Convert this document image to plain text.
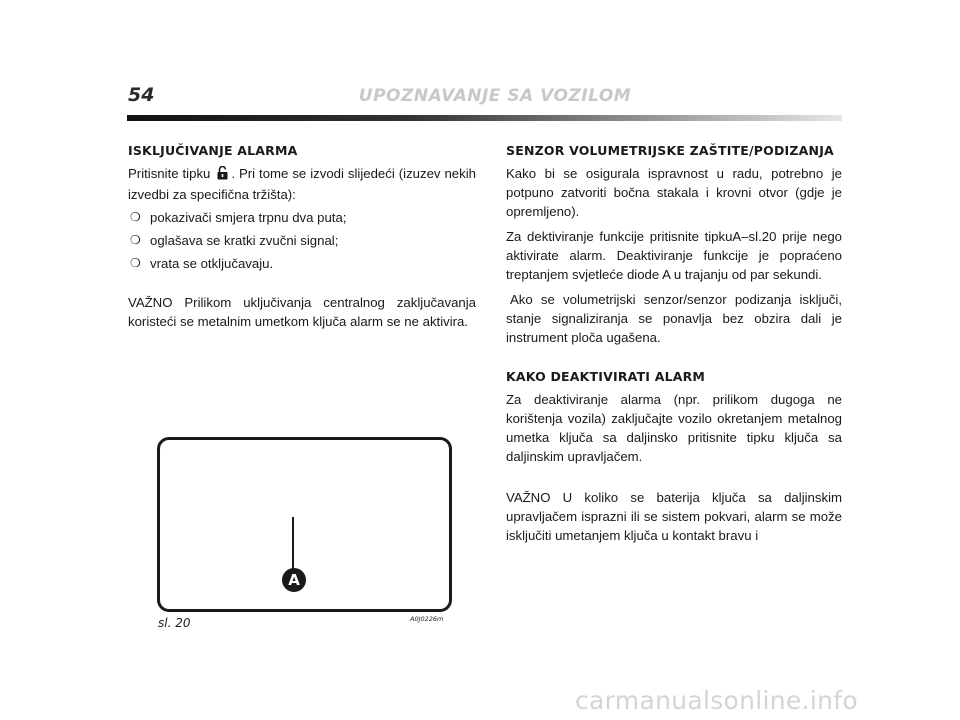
54	UPOZNAVANJE SA VOZILOM
ISKLJUČIVANJE ALARMA

Pritisnite tipku . Pri tome se izvodi slijedeći (izuzev nekih izvedbi za specifična tržišta):

❍ pokazivači smjera trpnu dva puta;
❍ oglašava se kratki zvučni signal;
❍ vrata se otključavaju.

VAŽNO Prilikom uključivanja centralnog zaključavanja koristeći se metalnim umetkom ključa alarm se ne aktivira.

SENZOR VOLUMETRIJSKE ZAŠTITE/PODIZANJA

Kako bi se osigurala ispravnost u radu, potrebno je potpuno zatvoriti bočna stakala i krovni otvor (gdje je opremljeno).

Za dektiviranje funkcije pritisnite tipkuA–sl.20 prije nego aktivirate alarm. Deaktiviranje funkcije je popraćeno treptanjem svjetleće diode A u trajanju od par sekundi.

Ako se volumetrijski senzor/senzor podizanja isključi, stanje signaliziranja se ponavlja bez obzira dali je instrument ploča ugašena.

KAKO DEAKTIVIRATI ALARM

Za deaktiviranje alarma (npr. prilikom dugoga ne korištenja vozila) zaključajte vozilo okretanjem metalnog umetka ključa sa daljinsko pritisnite tipku ključa sa daljinskim upravljačem.

VAŽNO U koliko se baterija ključa sa daljinskim upravljačem isprazni ili se sistem pokvari, alarm se može isključiti umetanjem ključa u kontakt bravu i

A
sl. 20	A0J0226m
carmanualsonline.info
